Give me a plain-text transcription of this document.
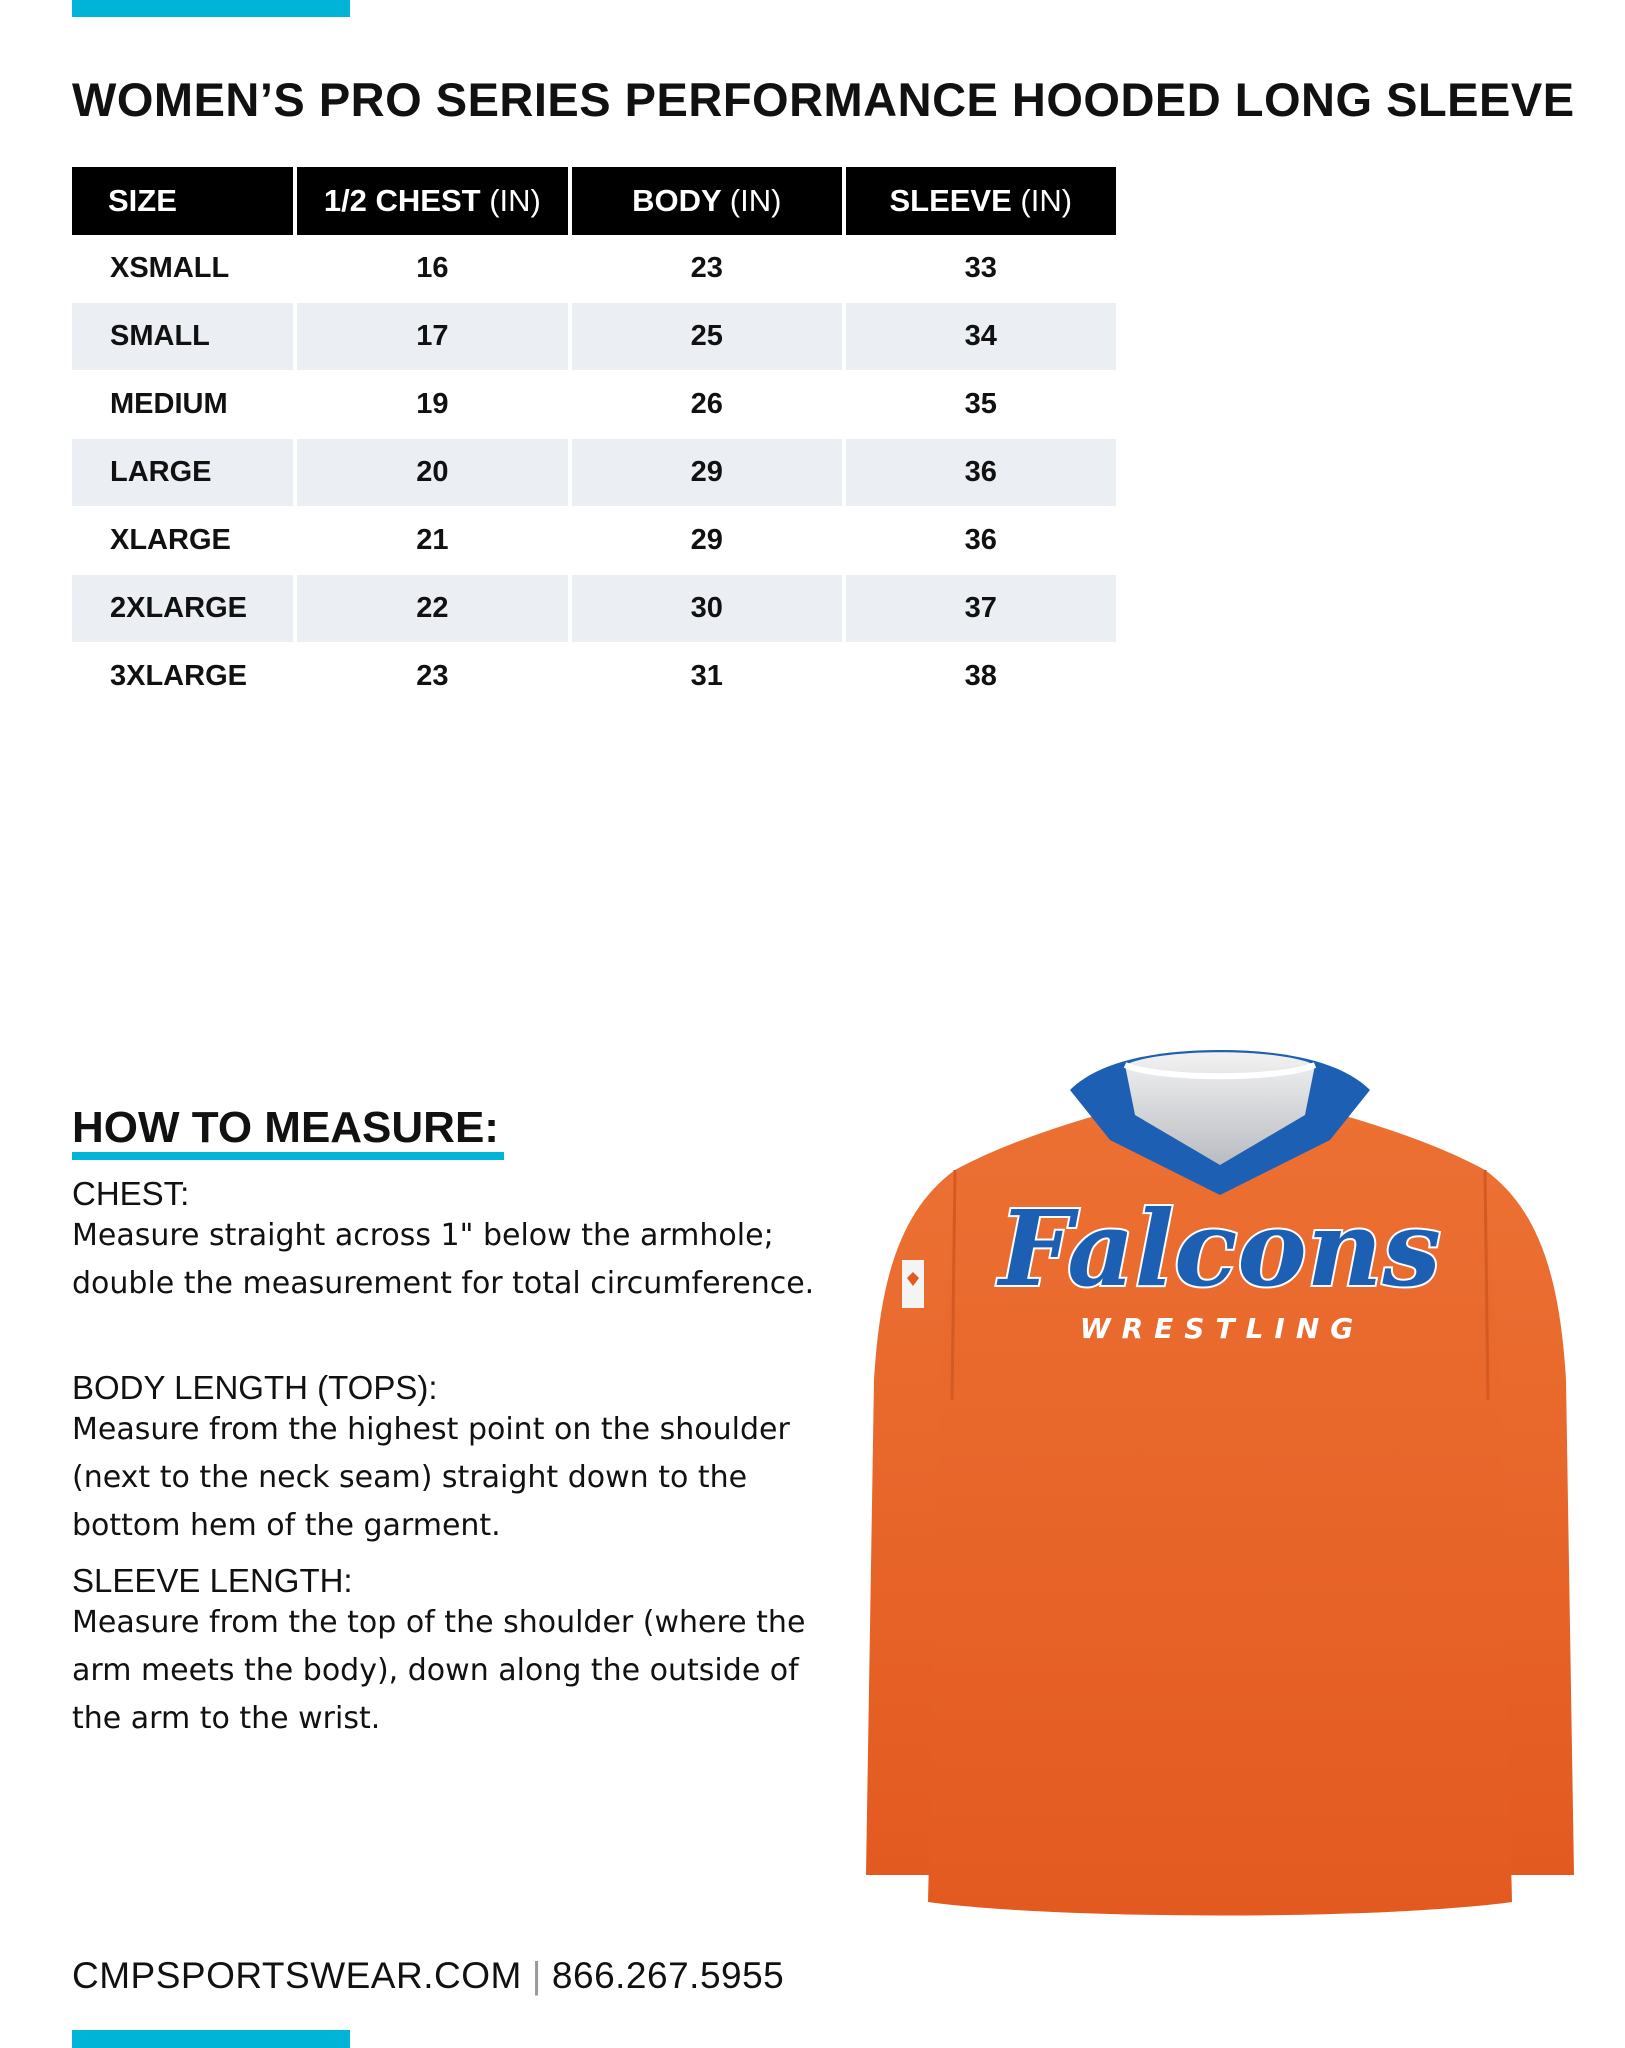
WOMEN’S PRO SERIES PERFORMANCE HOODED LONG SLEEVE
SIZE	1/2 CHEST (IN)	BODY (IN)	SLEEVE (IN)
XSMALL	16	23	33
SMALL	17	25	34
MEDIUM	19	26	35
LARGE	20	29	36
XLARGE	21	29	36
2XLARGE	22	30	37
3XLARGE	23	31	38
HOW TO MEASURE:
CHEST:
Measure straight across 1" below the armhole; double the measurement for total circumference.
BODY LENGTH (TOPS):
Measure from the highest point on the shoulder (next to the neck seam) straight down to the bottom hem of the garment.
SLEEVE LENGTH:
Measure from the top of the shoulder (where the arm meets the body), down along the outside of the arm to the wrist.
Falcons
WRESTLING
CMPSPORTSWEAR.COM | 866.267.5955
